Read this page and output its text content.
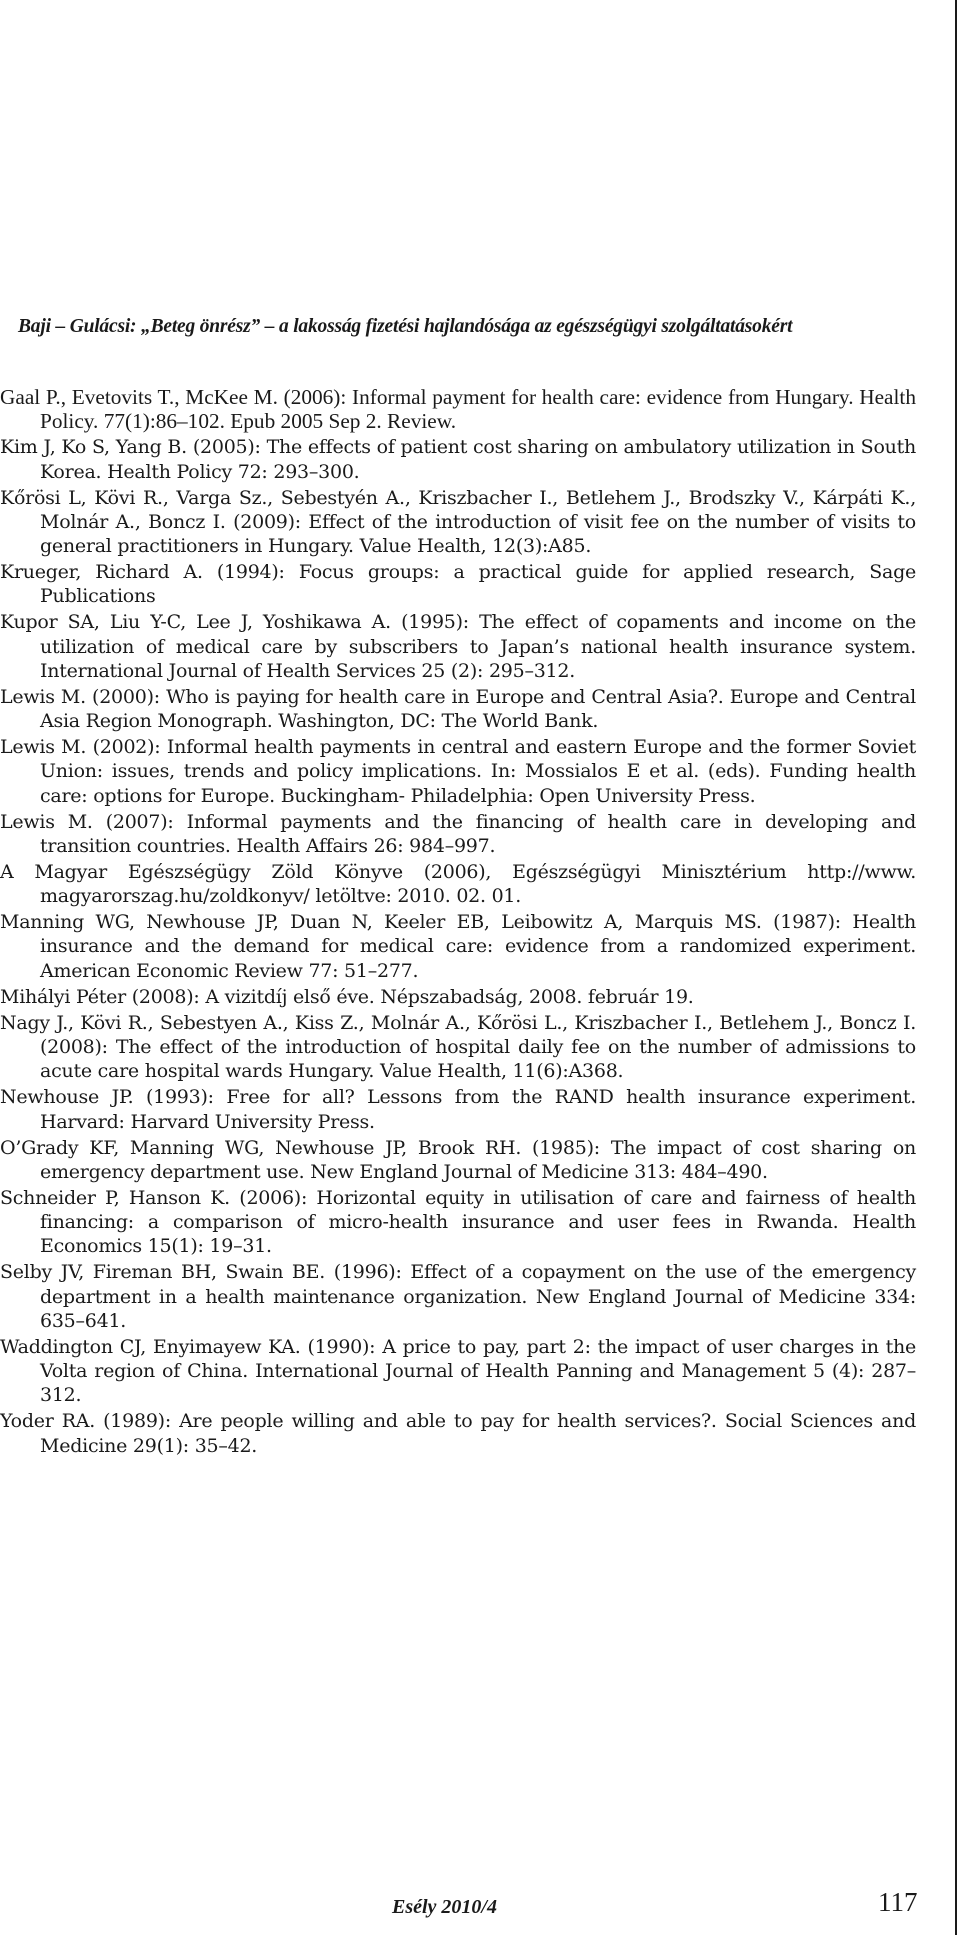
Baji – Gulácsi: „Beteg önrész” – a lakosság fizetési hajlandósága az egészségügyi szolgáltatásokért
Gaal P., Evetovits T., McKee M. (2006): Informal payment for health care: evidence from Hungary. Health Policy. 77(1):86–102. Epub 2005 Sep 2. Review.
Kim J, Ko S, Yang B. (2005): The effects of patient cost sharing on ambulatory utilization in South Korea. Health Policy 72: 293–300.
Kőrösi L, Kövi R., Varga Sz., Sebestyén A., Kriszbacher I., Betlehem J., Brodszky V., Kárpáti K., Molnár A., Boncz I. (2009): Effect of the introduction of visit fee on the number of visits to general practitioners in Hungary. Value Health, 12(3):A85.
Krueger, Richard A. (1994): Focus groups: a practical guide for applied research, Sage Publications
Kupor SA, Liu Y-C, Lee J, Yoshikawa A. (1995): The effect of copaments and income on the utilization of medical care by subscribers to Japan’s national health insurance system. International Journal of Health Services 25 (2): 295–312.
Lewis M. (2000): Who is paying for health care in Europe and Central Asia?. Europe and Central Asia Region Monograph. Washington, DC: The World Bank.
Lewis M. (2002): Informal health payments in central and eastern Europe and the former Soviet Union: issues, trends and policy implications. In: Mossialos E et al. (eds). Funding health care: options for Europe. Buckingham- Philadelphia: Open University Press.
Lewis M. (2007): Informal payments and the financing of health care in developing and transition countries. Health Affairs 26: 984–997.
A Magyar Egészségügy Zöld Könyve (2006), Egészségügyi Minisztérium http://www. magyarorszag.hu/zoldkonyv/ letöltve: 2010. 02. 01.
Manning WG, Newhouse JP, Duan N, Keeler EB, Leibowitz A, Marquis MS. (1987): Health insurance and the demand for medical care: evidence from a randomized experiment. American Economic Review 77: 51–277.
Mihályi Péter (2008): A vizitdíj első éve. Népszabadság, 2008. február 19.
Nagy J., Kövi R., Sebestyen A., Kiss Z., Molnár A., Kőrösi L., Kriszbacher I., Betlehem J., Boncz I. (2008): The effect of the introduction of hospital daily fee on the number of admissions to acute care hospital wards Hungary. Value Health, 11(6):A368.
Newhouse JP. (1993): Free for all? Lessons from the RAND health insurance experiment. Harvard: Harvard University Press.
O’Grady KF, Manning WG, Newhouse JP, Brook RH. (1985): The impact of cost sharing on emergency department use. New England Journal of Medicine 313: 484–490.
Schneider P, Hanson K. (2006): Horizontal equity in utilisation of care and fairness of health financing: a comparison of micro-health insurance and user fees in Rwanda. Health Economics 15(1): 19–31.
Selby JV, Fireman BH, Swain BE. (1996): Effect of a copayment on the use of the emergency department in a health maintenance organization. New England Journal of Medicine 334: 635–641.
Waddington CJ, Enyimayew KA. (1990): A price to pay, part 2: the impact of user charges in the Volta region of China. International Journal of Health Panning and Management 5 (4): 287–312.
Yoder RA. (1989): Are people willing and able to pay for health services?. Social Sciences and Medicine 29(1): 35–42.
Esély 2010/4	117
